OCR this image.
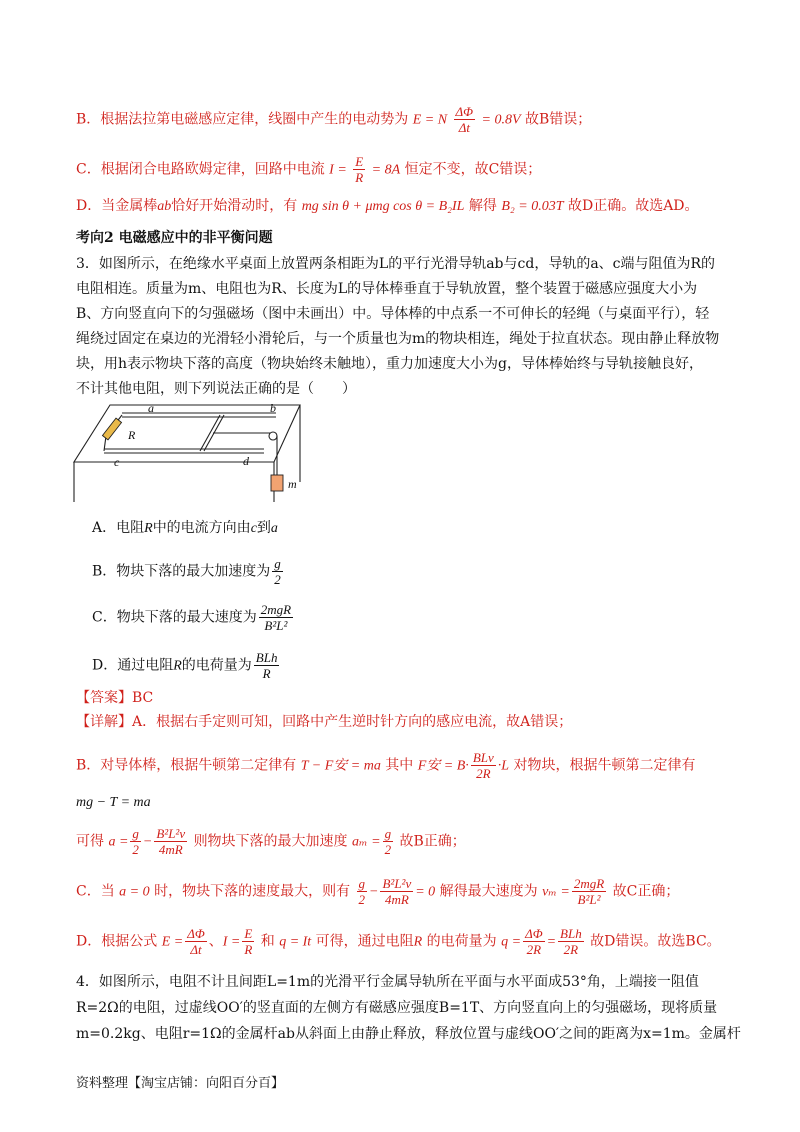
B．根据法拉第电磁感应定律，线圈中产生的电动势为 E = N $\frac{\Delta\Phi}{\Delta t} = 0.8V$ 故B错误；
C．根据闭合电路欧姆定律，回路中电流 $I = \frac{E}{R} = 8A$ 恒定不变，故C错误；
D．当金属棒ab恰好开始滑动时，有 mg sin θ + μmg cos θ = B₂IL 解得 B₂ = 0.03T 故D正确。故选AD。
考向2 电磁感应中的非平衡问题
3．如图所示，在绝缘水平桌面上放置两条相距为L的平行光滑导轨ab与cd，导轨的a、c端与阻值为R的
电阻相连。质量为m、电阻也为R、长度为L的导体棒垂直于导轨放置，整个装置于磁感应强度大小为
B、方向竖直向下的匀强磁场（图中未画出）中。导体棒的中点系一不可伸长的轻绳（与桌面平行），轻
绳绕过固定在桌边的光滑轻小滑轮后，与一个质量也为m的物块相连，绳处于拉直状态。现由静止释放物
块，用h表示物块下落的高度（物块始终未触地），重力加速度大小为g，导体棒始终与导轨接触良好，
不计其他电阻，则下列说法正确的是（　　）
a	b
c	d
R
m
A．电阻R中的电流方向由c到a
B．物块下落的最大加速度为 $\frac{g}{2}$
C．物块下落的最大速度为 $\frac{\text{2mgR}}{\text{B²L²}}$
D．通过电阻R的电荷量为 $\frac{\text{BLh}}{R}$
【答案】BC
【详解】A．根据右手定则可知，回路中产生逆时针方向的感应电流，故A错误；
B．对导体棒，根据牛顿第二定律有 T − F安 = ma 其中 F安 = $B\cdot \frac{\text{BLv}}{2R} \cdot L$ 对物块，根据牛顿第二定律有
mg − T = ma
可得 $a = \frac{g}{2} - \frac{\text{B²L²v}}{4mR}$ 则物块下落的最大加速度 $a_m = \frac{g}{2}$ 故B正确；
C．当 a = 0 时，物块下落的速度最大，则有 $\frac{g}{2} - \frac{\text{B²L²v}}{4mR} = 0$ 解得最大速度为 $v_m = \frac{\text{2mgR}}{\text{B²L²}}$ 故C正确；
D．根据公式 $E = \frac{\Delta\Phi}{\Delta t}$ 、$I = \frac{E}{R}$ 和 q = It 可得，通过电阻R 的电荷量为 $q = \frac{\Delta\Phi}{2R} = \frac{\text{BLh}}{2R}$ 故D错误。故选BC。
4．如图所示，电阻不计且间距L=1m的光滑平行金属导轨所在平面与水平面成53°角，上端接一阻值
R=2Ω的电阻，过虚线OO′的竖直面的左侧方有磁感应强度B=1T、方向竖直向上的匀强磁场，现将质量
m=0.2kg、电阻r=1Ω的金属杆ab从斜面上由静止释放，释放位置与虚线OO′之间的距离为x=1m。金属杆
资料整理【淘宝店铺：向阳百分百】
